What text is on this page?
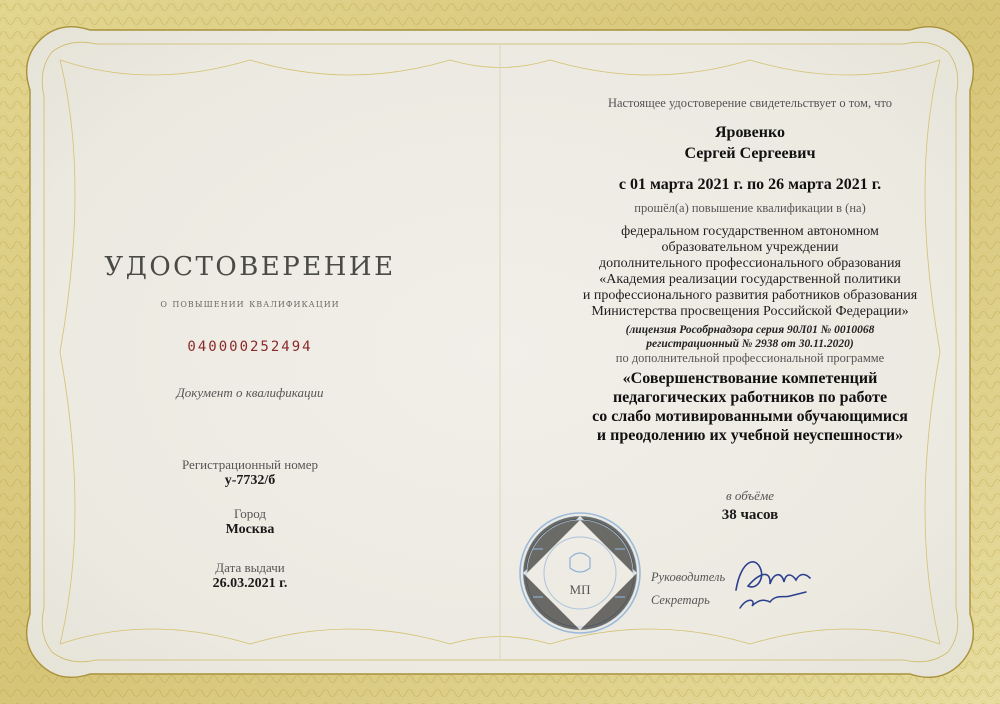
УДОСТОВЕРЕНИЕ
о повышении квалификации
040000252494
Документ о квалификации
Регистрационный номер
у-7732/б
Город
Москва
Дата выдачи
26.03.2021 г.
Настоящее удостоверение свидетельствует о том, что
Яровенко
Сергей Сергеевич
с 01 марта 2021 г. по 26 марта 2021 г.
прошёл(а) повышение квалификации в (на)
федеральном государственном автономном
образовательном учреждении
дополнительного профессионального образования
«Академия реализации государственной политики
и профессионального развития работников образования
Министерства просвещения Российской Федерации»
(лицензия Рособрнадзора серия 90Л01 № 0010068
регистрационный № 2938 от 30.11.2020)
по дополнительной профессиональной программе
«Совершенствование компетенций
педагогических работников по работе
со слабо мотивированными обучающимися
и преодолению их учебной неуспешности»
в объёме
38 часов
МП
Руководитель
Секретарь
